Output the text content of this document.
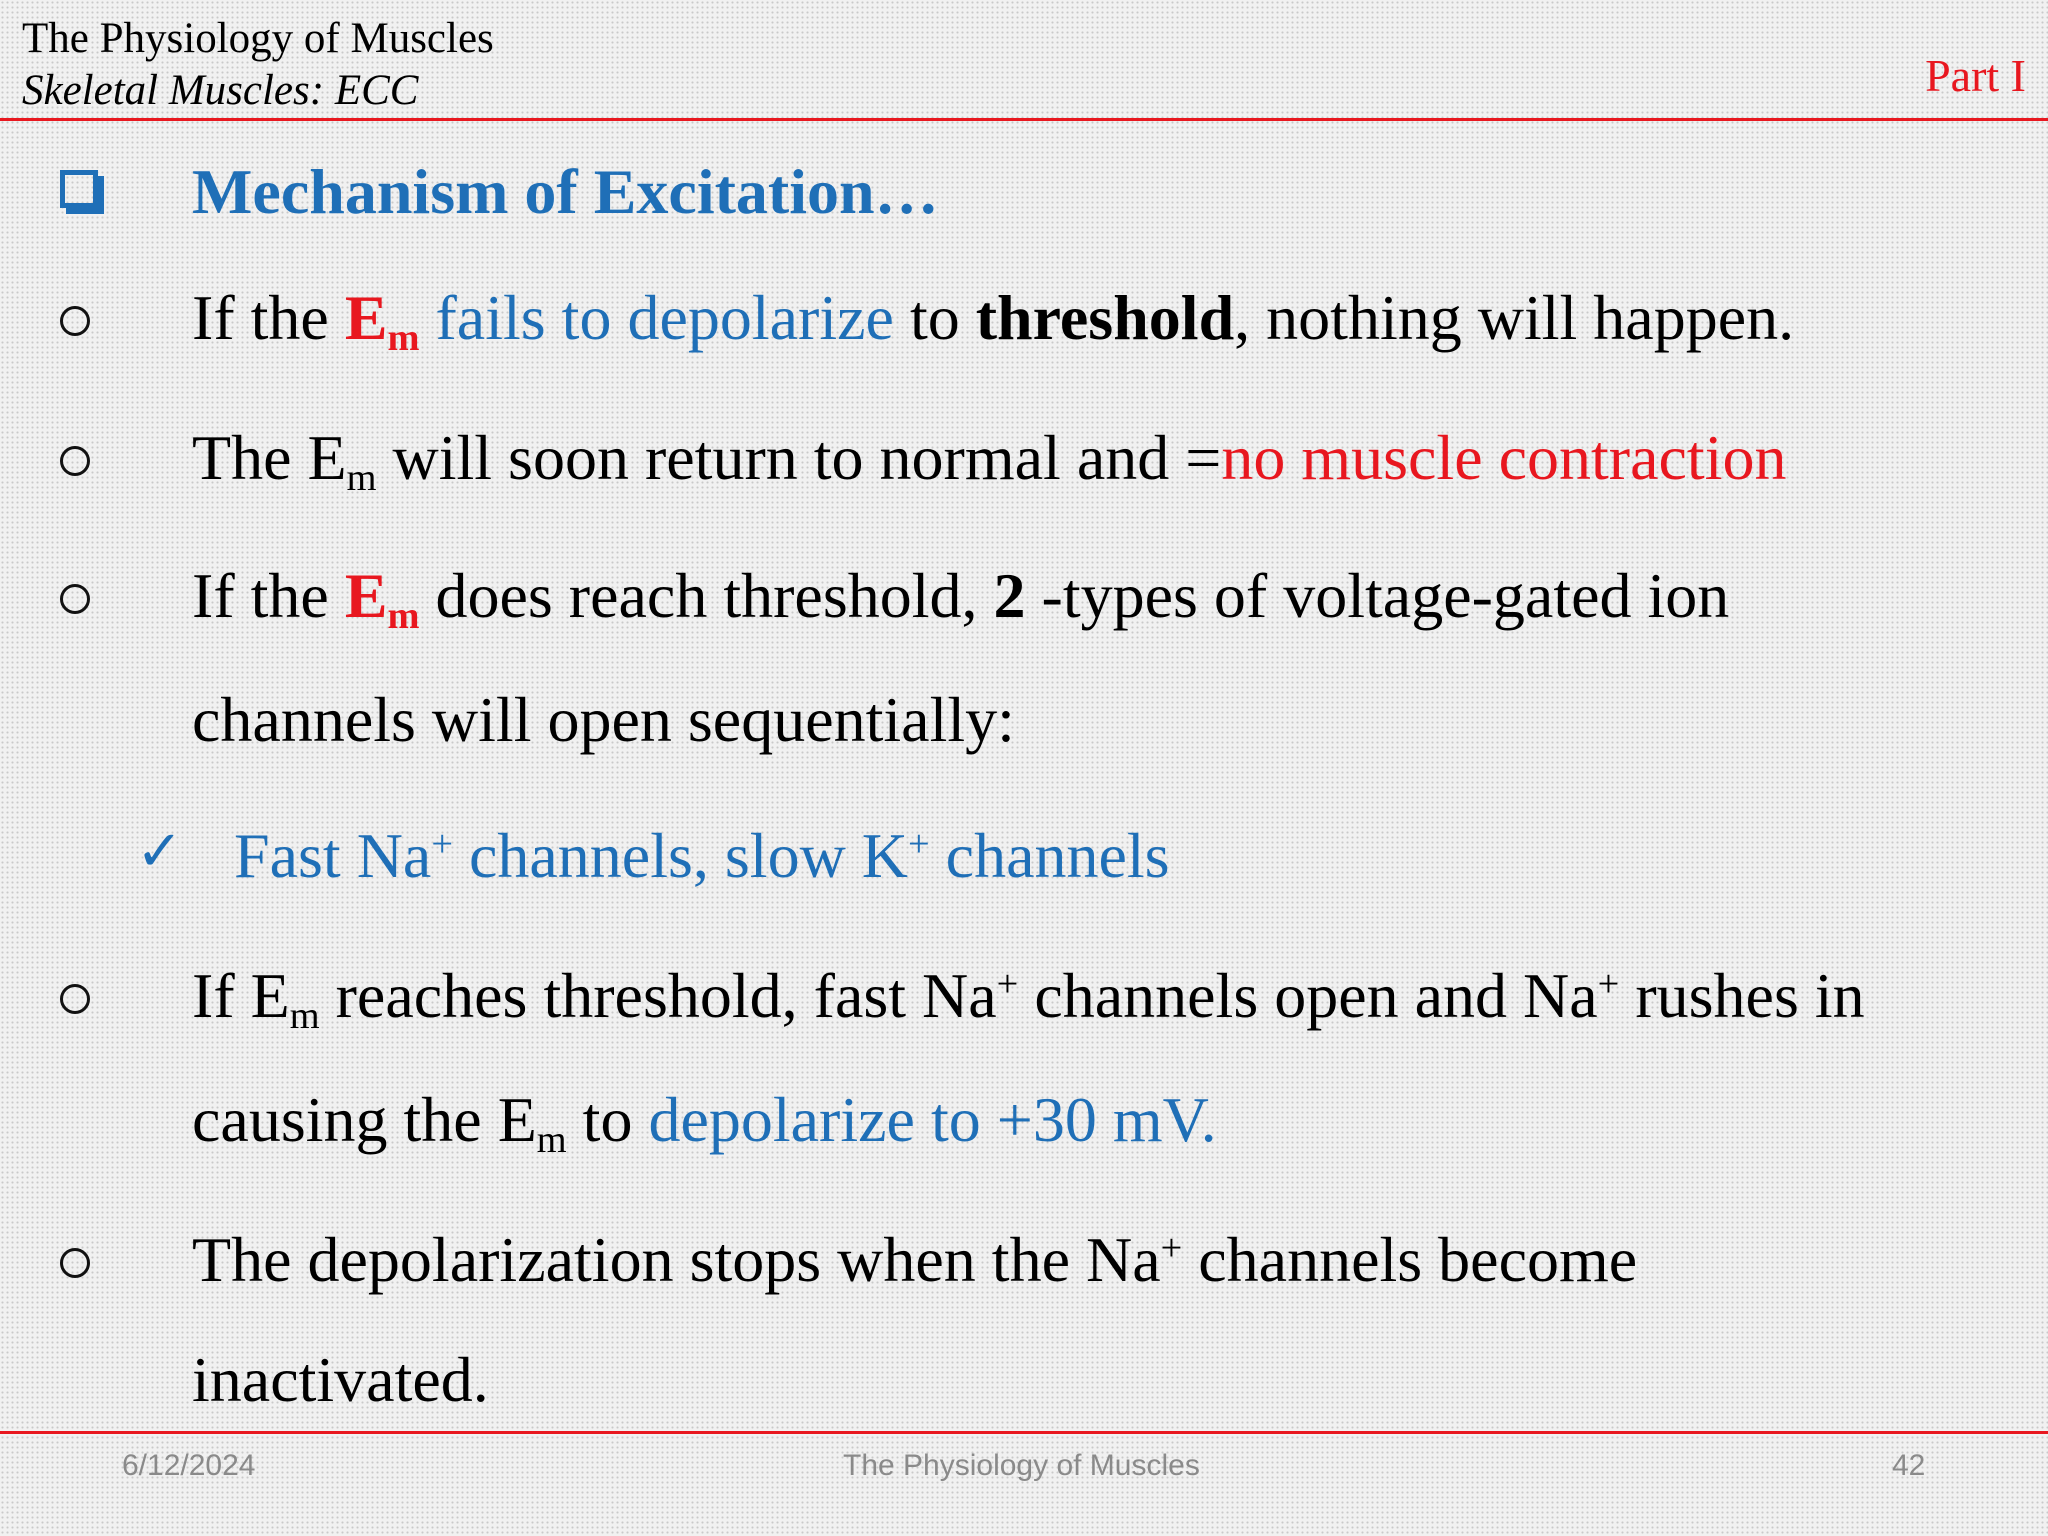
The Physiology of Muscles
Skeletal Muscles: ECC	Part I
Mechanism of Excitation…
If the $E_m$ fails to depolarize to threshold, nothing will happen.
The $E_m$ will soon return to normal and =no muscle contraction
If the $E_m$ does reach threshold, 2 -types of voltage-gated ion
channels will open sequentially:
✓ Fast Na+ channels, slow K+ channels
If $E_m$ reaches threshold, fast Na+ channels open and Na+ rushes in
causing the $E_m$ to depolarize to +30 mV.
The depolarization stops when the Na+ channels become
inactivated.
6/12/2024	The Physiology of Muscles	42
